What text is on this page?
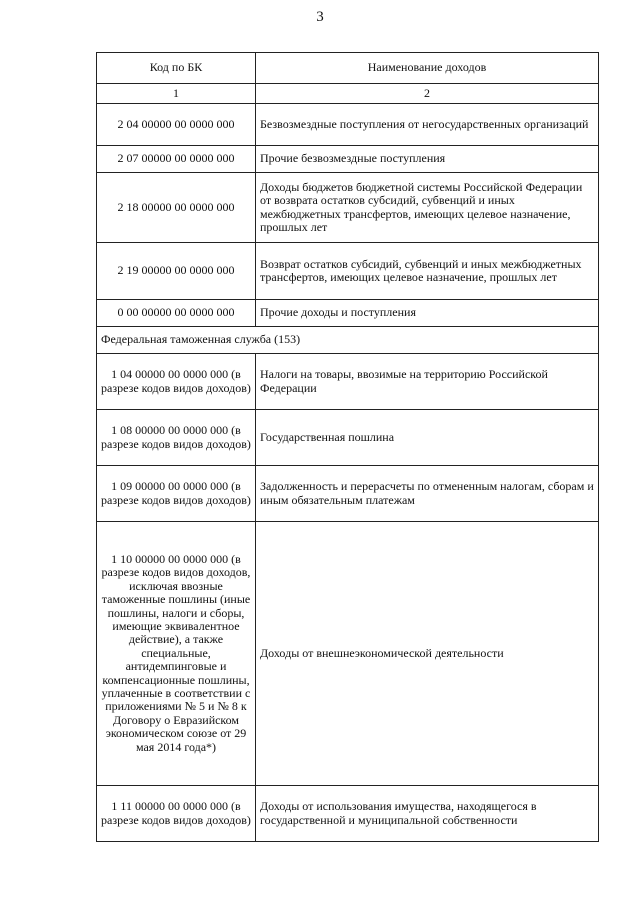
3
Код по БК	Наименование доходов
1	2
2 04 00000 00 0000 000	Безвозмездные поступления от негосударственных организаций
2 07 00000 00 0000 000	Прочие безвозмездные поступления
2 18 00000 00 0000 000	Доходы бюджетов бюджетной системы Российской Федерации от возврата остатков субсидий, субвенций и иных межбюджетных трансфертов, имеющих целевое назначение, прошлых лет
2 19 00000 00 0000 000	Возврат остатков субсидий, субвенций и иных межбюджетных трансфертов, имеющих целевое назначение, прошлых лет
0 00 00000 00 0000 000	Прочие доходы и поступления
Федеральная таможенная служба (153)	
1 04 00000 00 0000 000 (в разрезе кодов видов доходов)	Налоги на товары, ввозимые на территорию Российской Федерации
1 08 00000 00 0000 000 (в разрезе кодов видов доходов)	Государственная пошлина
1 09 00000 00 0000 000 (в разрезе кодов видов доходов)	Задолженность и перерасчеты по отмененным налогам, сборам и иным обязательным платежам
1 10 00000 00 0000 000 (в разрезе кодов видов доходов, исключая ввозные таможенные пошлины (иные пошлины, налоги и сборы, имеющие эквивалентное действие), а также специальные, антидемпинговые и компенсационные пошлины, уплаченные в соответствии с приложениями № 5 и № 8 к Договору о Евразийском экономическом союзе от 29 мая 2014 года*)	Доходы от внешнеэкономической деятельности
1 11 00000 00 0000 000 (в разрезе кодов видов доходов)	Доходы от использования имущества, находящегося в государственной и муниципальной собственности
